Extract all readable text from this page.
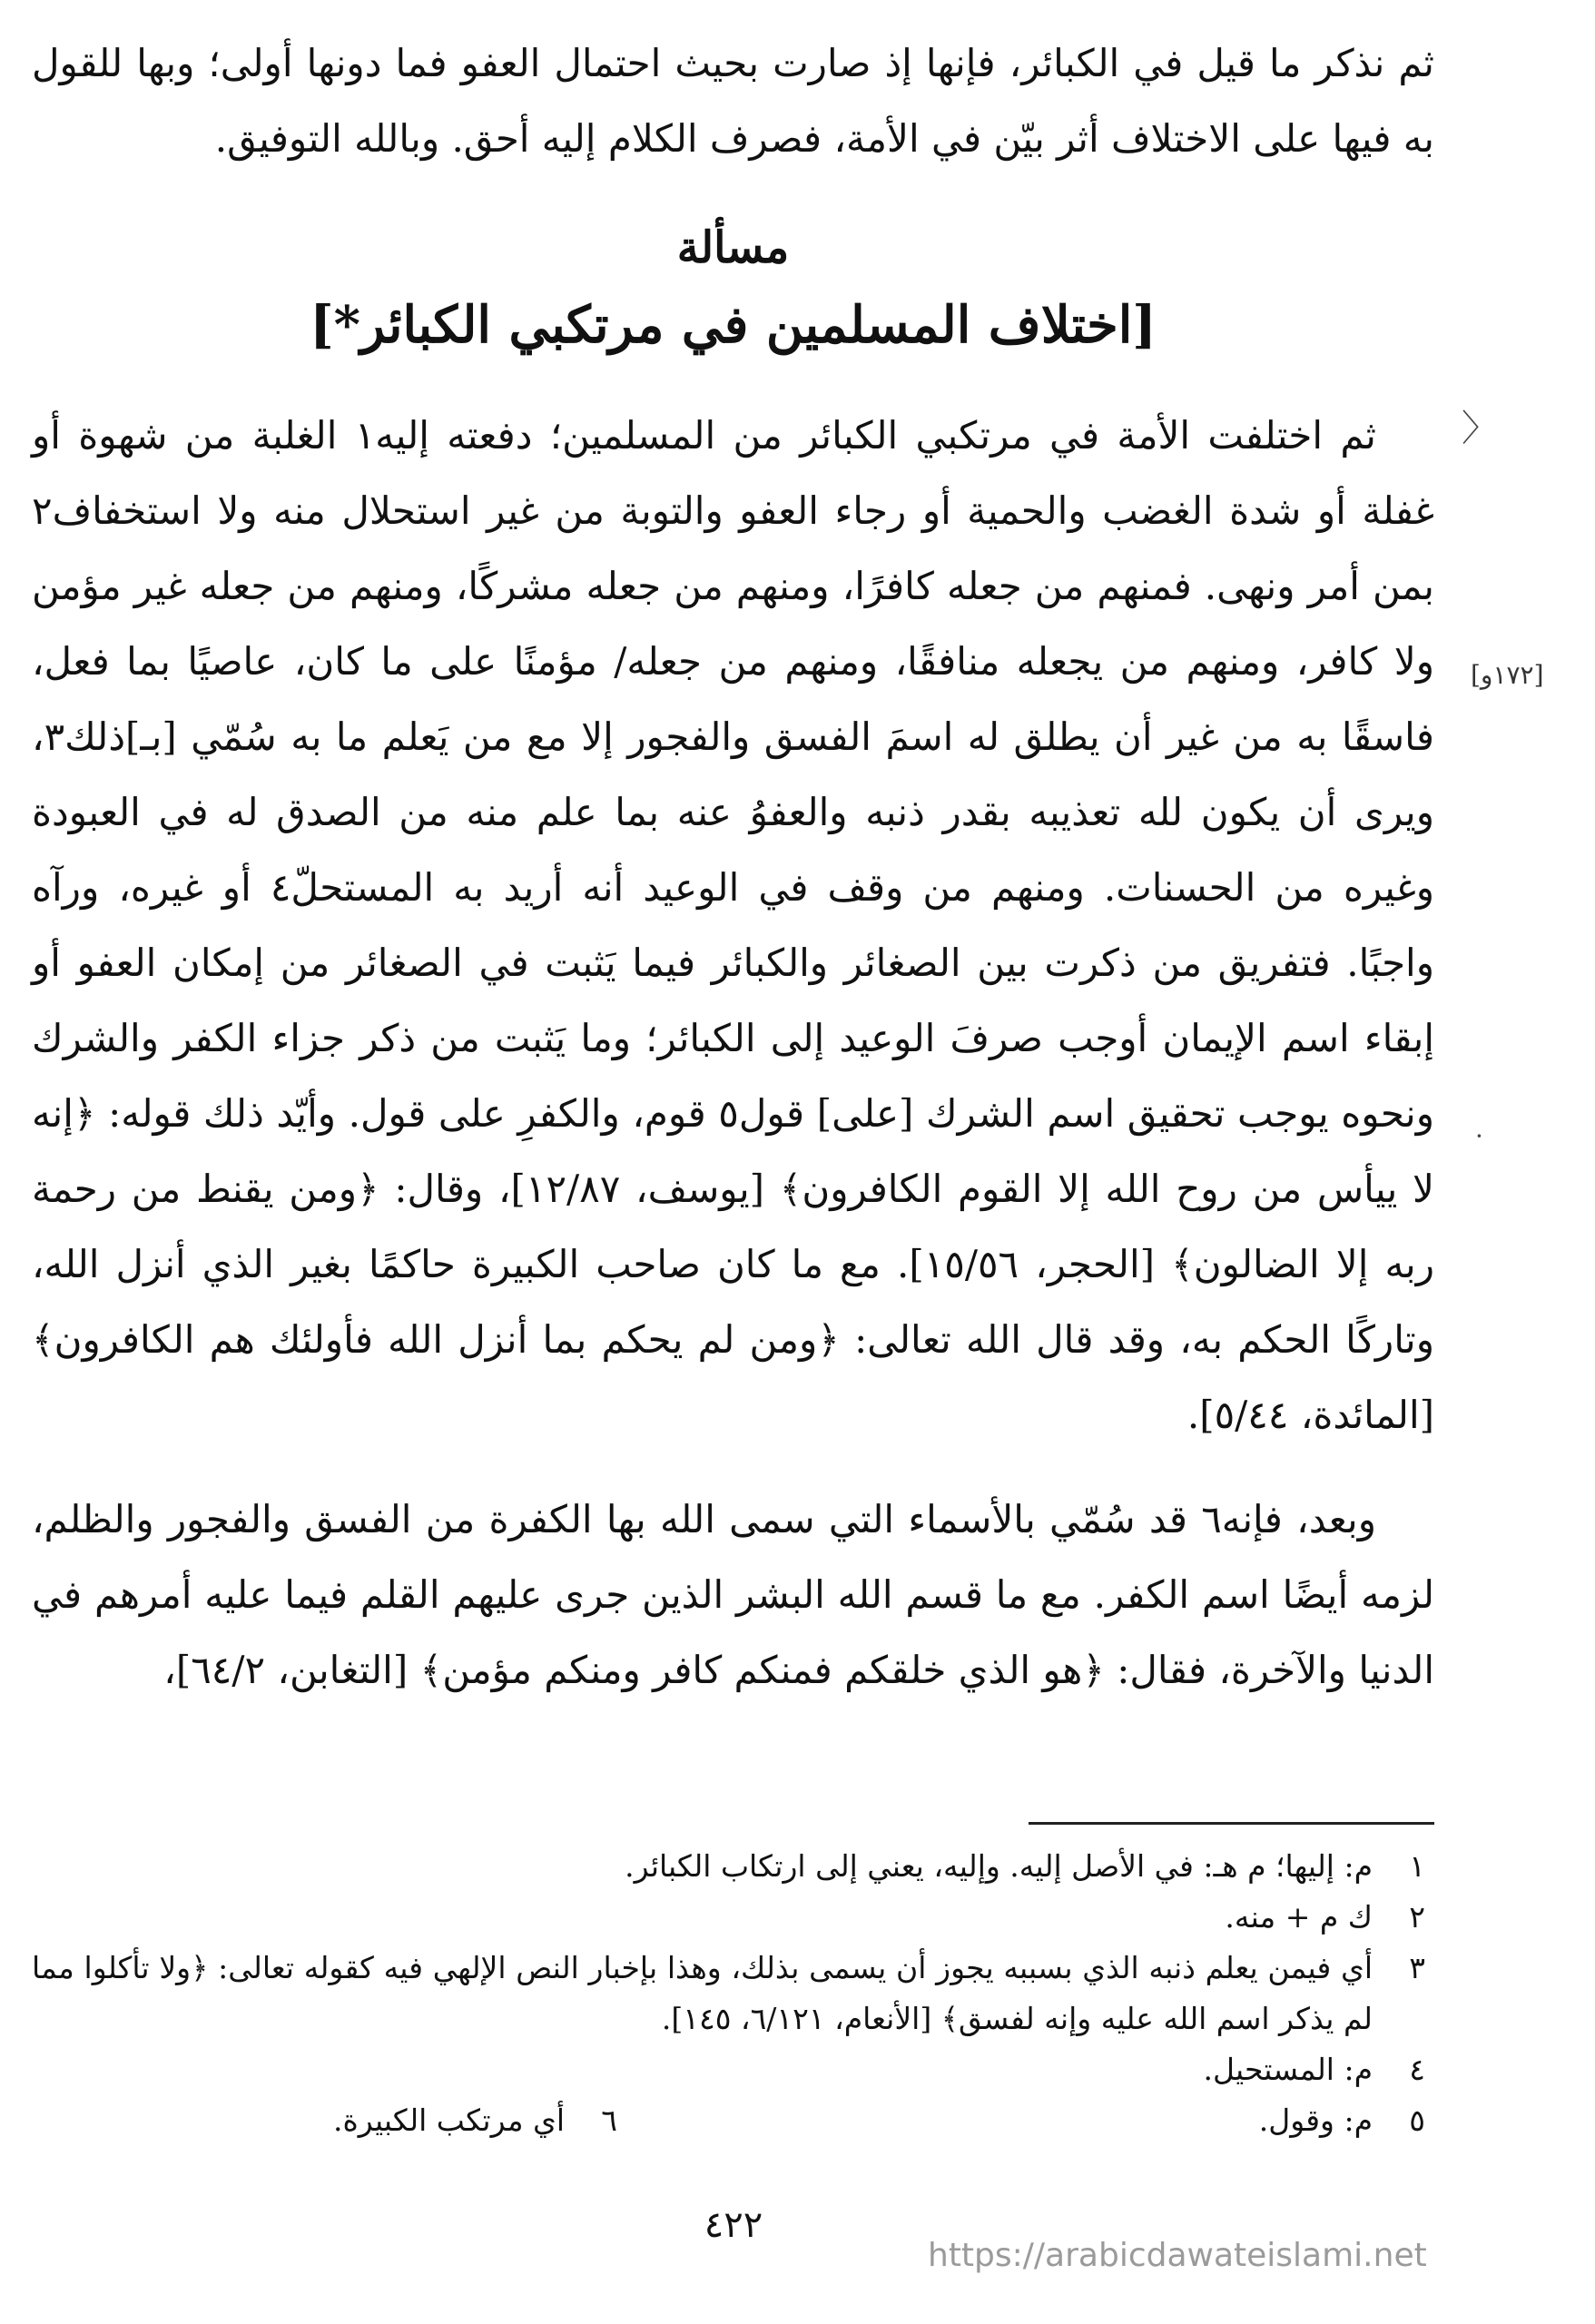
ثم نذكر ما قيل في الكبائر، فإنها إذ صارت بحيث احتمال العفو فما دونها أولى؛ وبها للقول به فيها على الاختلاف أثر بيّن في الأمة، فصرف الكلام إليه أحق. وبالله التوفيق.
مسألة
[اختلاف المسلمين في مرتكبي الكبائر*]
〈
ثم اختلفت الأمة في مرتكبي الكبائر من المسلمين؛ دفعته إليه١ الغلبة من شهوة أو غفلة أو شدة الغضب والحمية أو رجاء العفو والتوبة من غير استحلال منه ولا استخفاف٢ بمن أمر ونهى. فمنهم من جعله كافرًا، ومنهم من جعله مشركًا، ومنهم من جعله غير مؤمن ولا كافر، ومنهم من يجعله منافقًا، ومنهم من جعله/ مؤمنًا على ما كان، عاصيًا بما فعل، فاسقًا به من غير أن يطلق له اسمَ الفسق والفجور إلا مع من يَعلم ما به سُمّي [بـ]ذلك٣، ويرى أن يكون لله تعذيبه بقدر ذنبه والعفوُ عنه بما علم منه من الصدق له في العبودة وغيره من الحسنات. ومنهم من وقف في الوعيد أنه أريد به المستحلّ٤ أو غيره، ورآه واجبًا. فتفريق من ذكرت بين الصغائر والكبائر فيما يَثبت في الصغائر من إمكان العفو أو إبقاء اسم الإيمان أوجب صرفَ الوعيد إلى الكبائر؛ وما يَثبت من ذكر جزاء الكفر والشرك ونحوه يوجب تحقيق اسم الشرك [على] قول٥ قوم، والكفرِ على قول. وأيّد ذلك قوله: ﴿إنه لا ييأس من روح الله إلا القوم الكافرون﴾ [يوسف، ١٢/٨٧]، وقال: ﴿ومن يقنط من رحمة ربه إلا الضالون﴾ [الحجر، ١٥/٥٦]. مع ما كان صاحب الكبيرة حاكمًا بغير الذي أنزل الله، وتاركًا الحكم به، وقد قال الله تعالى: ﴿ومن لم يحكم بما أنزل الله فأولئك هم الكافرون﴾ [المائدة، ٥/٤٤].
[١٧٢و]
·
وبعد، فإنه٦ قد سُمّي بالأسماء التي سمى الله بها الكفرة من الفسق والفجور والظلم، لزمه أيضًا اسم الكفر. مع ما قسم الله البشر الذين جرى عليهم القلم فيما عليه أمرهم في الدنيا والآخرة، فقال: ﴿هو الذي خلقكم فمنكم كافر ومنكم مؤمن﴾ [التغابن، ٦٤/٢]،

١
م: إليها؛ م هـ: في الأصل إليه. وإليه، يعني إلى ارتكاب الكبائر.

٢
ك م + منه.

٣
أي فيمن يعلم ذنبه الذي بسببه يجوز أن يسمى بذلك، وهذا بإخبار النص الإلهي فيه كقوله تعالى: ﴿ولا تأكلوا مما لم يذكر اسم الله عليه وإنه لفسق﴾ [الأنعام، ٦/١٢١، ١٤٥].

٤
م: المستحيل.

٥
م: وقول.
٦
أي مرتكب الكبيرة.
٤٢٢
https://arabicdawateislami.net
